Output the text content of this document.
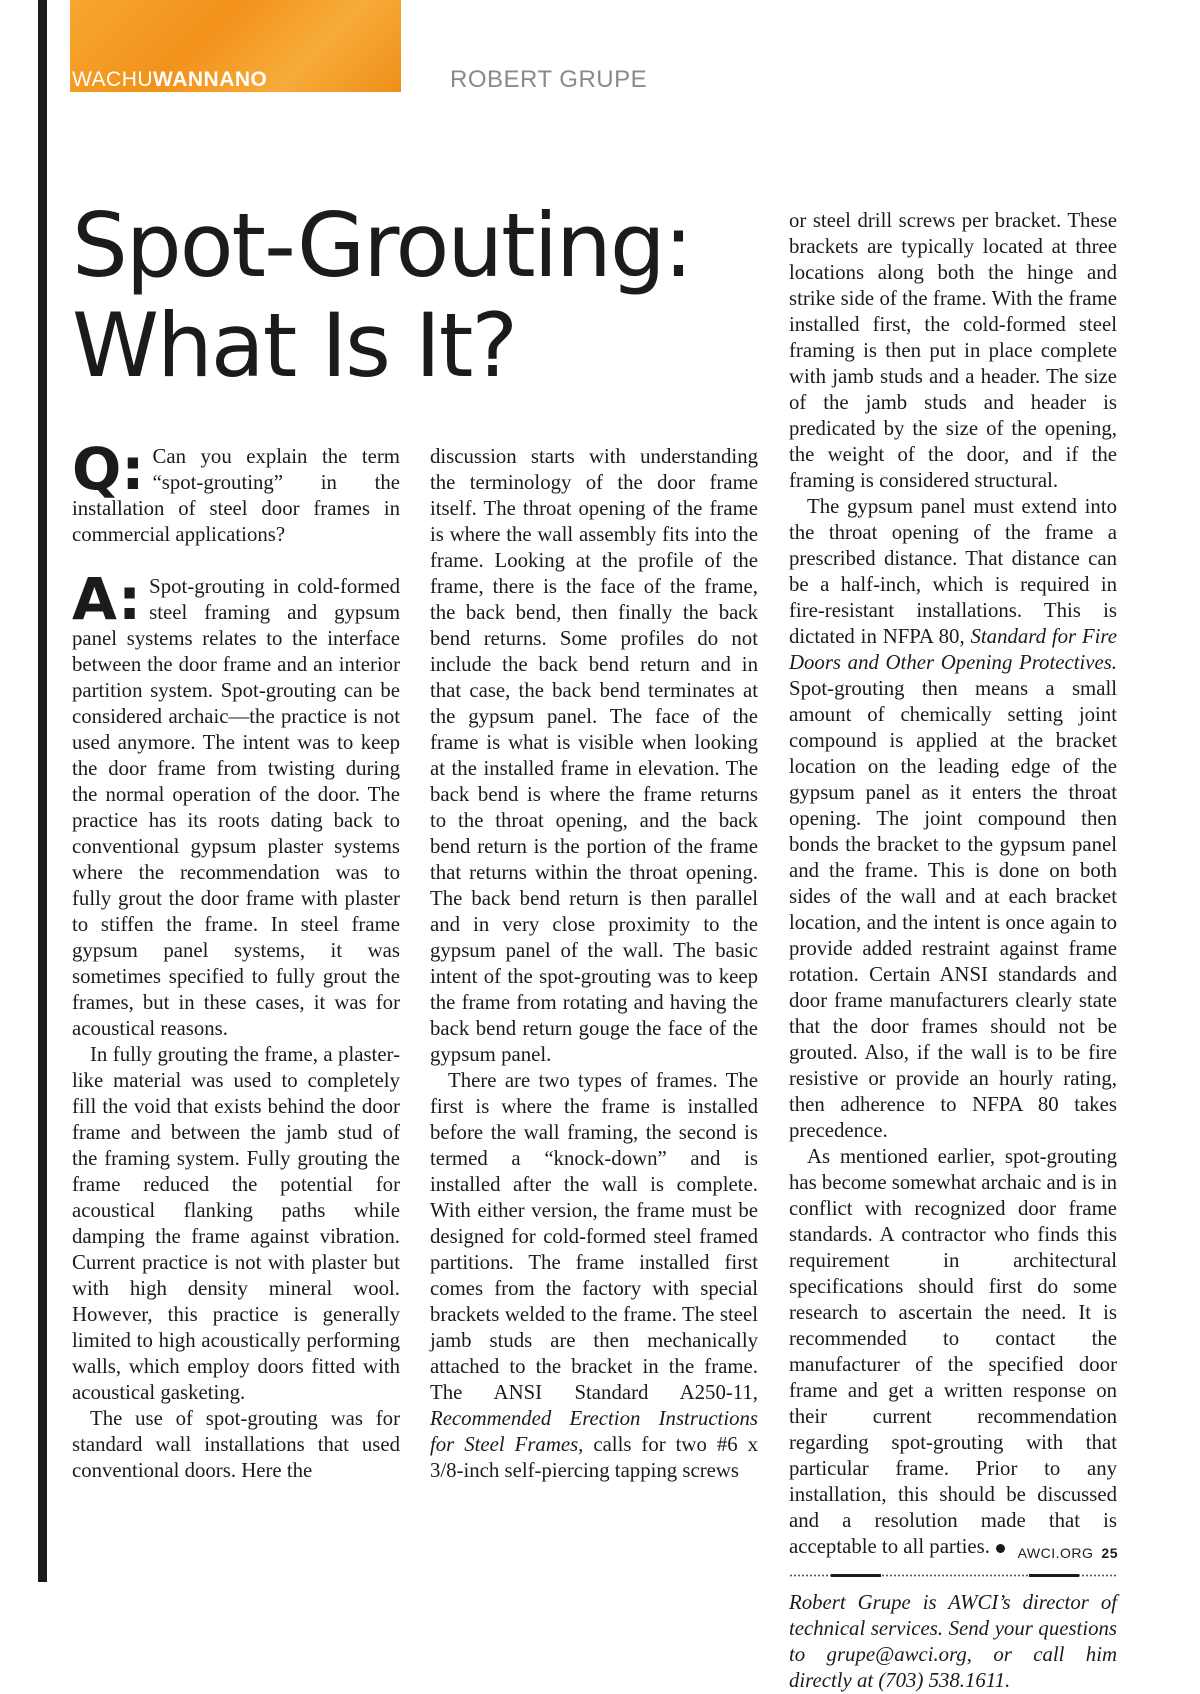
WACHUWANNANO	ROBERT GRUPE
Spot-Grouting:
What Is It?

Q: Can you explain the term “spot-grouting” in the installation of steel door frames in commercial applications?

A: Spot-grouting in cold-formed steel framing and gypsum panel systems relates to the interface between the door frame and an interior partition system. Spot-grouting can be considered archaic—the practice is not used anymore. The intent was to keep the door frame from twisting during the normal operation of the door. The practice has its roots dating back to conventional gypsum plaster systems where the recommendation was to fully grout the door frame with plaster to stiffen the frame. In steel frame gypsum panel systems, it was sometimes specified to fully grout the frames, but in these cases, it was for acoustical reasons.

In fully grouting the frame, a plaster-like material was used to completely fill the void that exists behind the door frame and between the jamb stud of the framing system. Fully grouting the frame reduced the potential for acoustical flanking paths while damping the frame against vibration. Current practice is not with plaster but with high density mineral wool. However, this practice is generally limited to high acoustically performing walls, which employ doors fitted with acoustical gasketing.

The use of spot-grouting was for standard wall installations that used conventional doors. Here the

or steel drill screws per bracket. These brackets are typically located at three locations along both the hinge and strike side of the frame. With the frame installed first, the cold-formed steel framing is then put in place complete with jamb studs and a header. The size of the jamb studs and header is predicated by the size of the opening, the weight of the door, and if the framing is considered structural.

The gypsum panel must extend into the throat opening of the frame a prescribed distance. That distance can be a half-inch, which is required in fire-resistant installations. This is dictated in NFPA 80, Standard for Fire Doors and Other Opening Protectives. Spot-grouting then means a small amount of chemically setting joint compound is applied at the bracket location on the leading edge of the gypsum panel as it enters the throat opening. The joint compound then bonds the bracket to the gypsum panel and the frame. This is done on both sides of the wall and at each bracket location, and the intent is once again to provide added restraint against frame rotation. Certain ANSI standards and door frame manufacturers clearly state that the door frames should not be grouted. Also, if the wall is to be fire resistive or provide an hourly rating, then adherence to NFPA 80 takes precedence.

As mentioned earlier, spot-grouting has become somewhat archaic and is in conflict with recognized door frame standards. A contractor who finds this requirement in architectural specifications should first do some research to ascertain the need. It is recommended to contact the manufacturer of the specified door frame and get a written response on their current recommendation regarding spot-grouting with that particular frame. Prior to any installation, this should be discussed and a resolution made that is acceptable to all parties.

Robert Grupe is AWCI’s director of technical services. Send your questions to grupe@awci.org, or call him directly at (703) 538.1611.

discussion starts with understanding the terminology of the door frame itself. The throat opening of the frame is where the wall assembly fits into the frame. Looking at the profile of the frame, there is the face of the frame, the back bend, then finally the back bend returns. Some profiles do not include the back bend return and in that case, the back bend terminates at the gypsum panel. The face of the frame is what is visible when looking at the installed frame in elevation. The back bend is where the frame returns to the throat opening, and the back bend return is the portion of the frame that returns within the throat opening. The back bend return is then parallel and in very close proximity to the gypsum panel of the wall. The basic intent of the spot-grouting was to keep the frame from rotating and having the back bend return gouge the face of the gypsum panel.

There are two types of frames. The first is where the frame is installed before the wall framing, the second is termed a “knock-down” and is installed after the wall is complete. With either version, the frame must be designed for cold-formed steel framed partitions. The frame installed first comes from the factory with special brackets welded to the frame. The steel jamb studs are then mechanically attached to the bracket in the frame. The ANSI Standard A250-11, Recommended Erection Instructions for Steel Frames, calls for two #6 x 3/8-inch self-piercing tapping screws

AWCI.ORG 25
